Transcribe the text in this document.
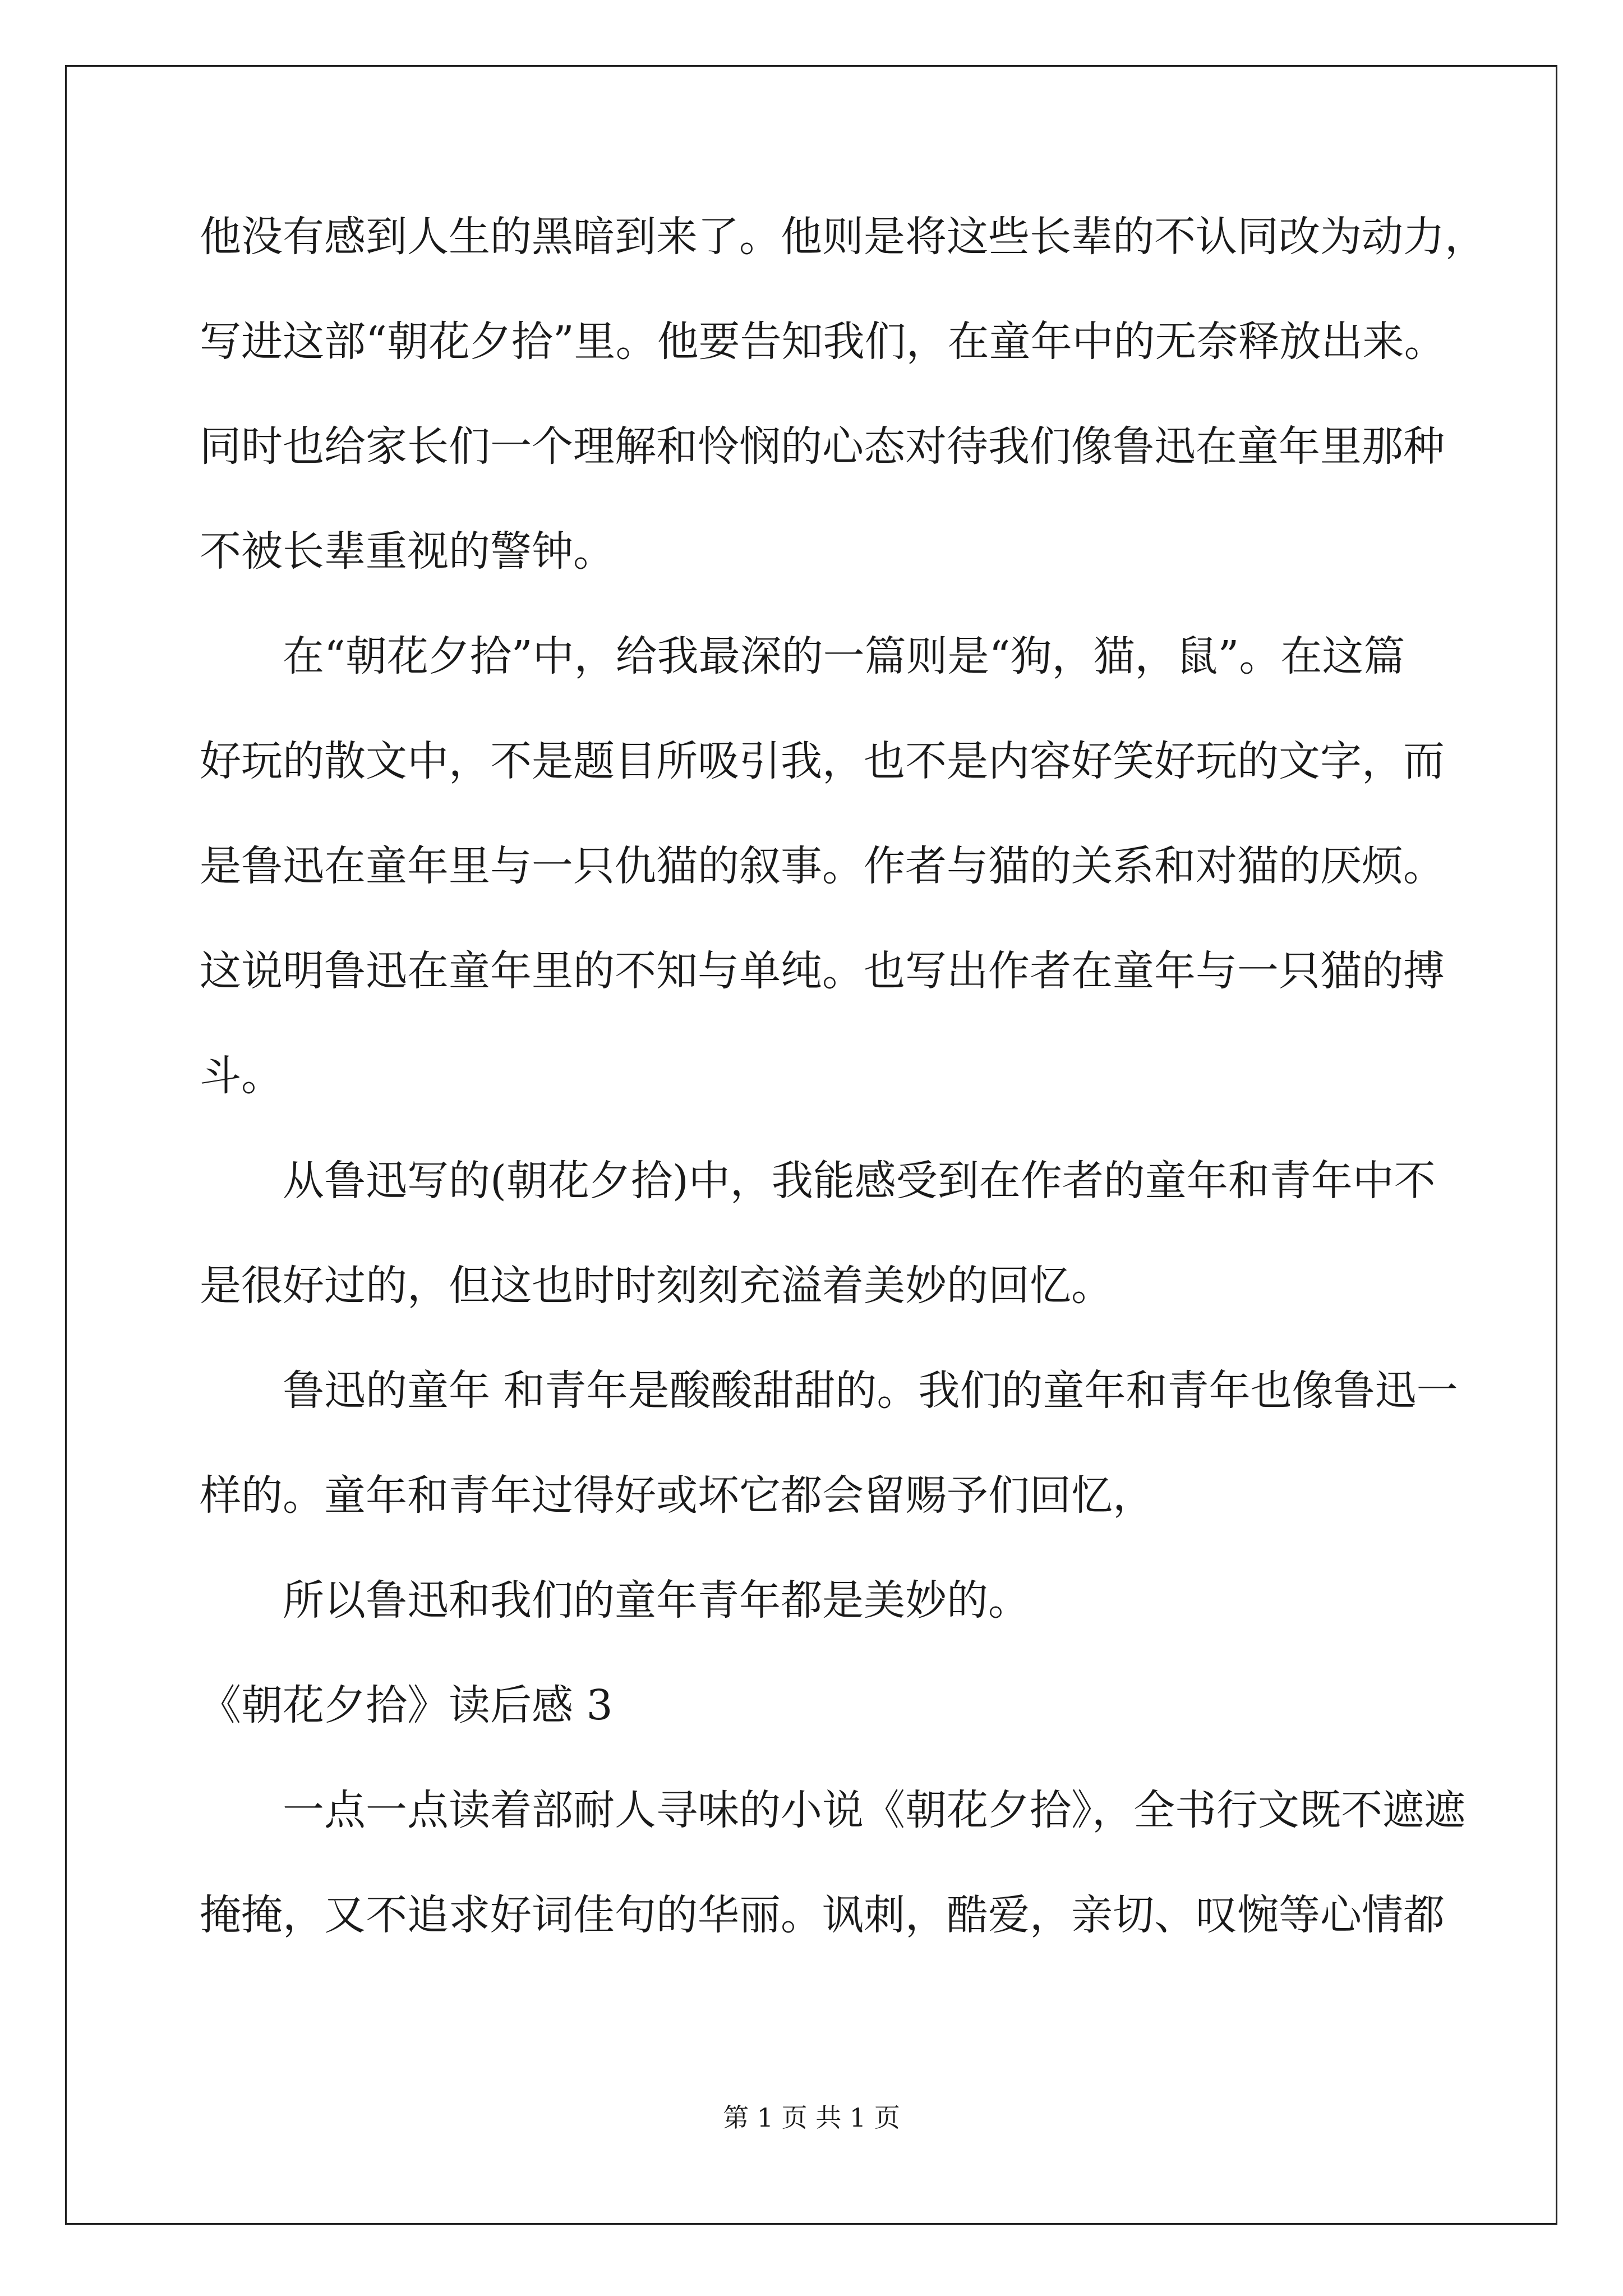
他没有感到人生的黑暗到来了。他则是将这些长辈的不认同改为动力，
写进这部“朝花夕拾”里。他要告知我们，在童年中的无奈释放出来。
同时也给家长们一个理解和怜悯的心态对待我们像鲁迅在童年里那种
不被长辈重视的警钟。
在“朝花夕拾”中，给我最深的一篇则是“狗，猫，鼠”。在这篇
好玩的散文中，不是题目所吸引我，也不是内容好笑好玩的文字，而
是鲁迅在童年里与一只仇猫的叙事。作者与猫的关系和对猫的厌烦。
这说明鲁迅在童年里的不知与单纯。也写出作者在童年与一只猫的搏
斗。
从鲁迅写的(朝花夕拾)中，我能感受到在作者的童年和青年中不
是很好过的，但这也时时刻刻充溢着美妙的回忆。
鲁迅的童年 和青年是酸酸甜甜的。我们的童年和青年也像鲁迅一
样的。童年和青年过得好或坏它都会留赐予们回忆，
所以鲁迅和我们的童年青年都是美妙的。
《朝花夕拾》读后感 3
一点一点读着部耐人寻味的小说《朝花夕拾》，全书行文既不遮遮
掩掩，又不追求好词佳句的华丽。讽刺，酷爱，亲切、叹惋等心情都
第 1 页 共 1 页
